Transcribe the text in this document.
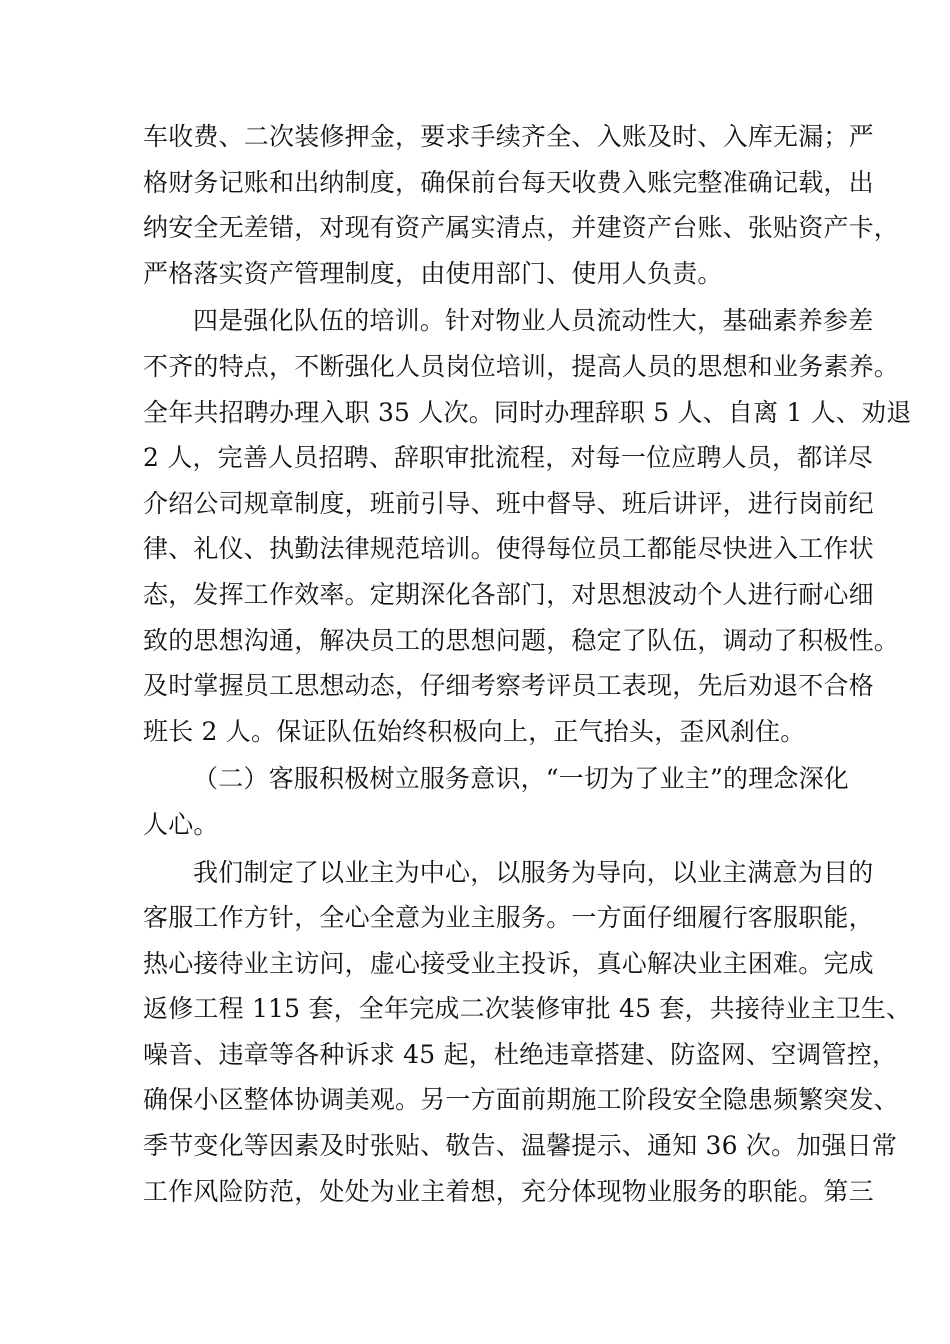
车收费、二次装修押金，要求手续齐全、入账及时、入库无漏；严
格财务记账和出纳制度，确保前台每天收费入账完整准确记载，出
纳安全无差错，对现有资产属实清点，并建资产台账、张贴资产卡，
严格落实资产管理制度，由使用部门、使用人负责。
四是强化队伍的培训。针对物业人员流动性大，基础素养参差
不齐的特点，不断强化人员岗位培训，提高人员的思想和业务素养。
全年共招聘办理入职 35 人次。同时办理辞职 5 人、自离 1 人、劝退
2 人，完善人员招聘、辞职审批流程，对每一位应聘人员，都详尽
介绍公司规章制度，班前引导、班中督导、班后讲评，进行岗前纪
律、礼仪、执勤法律规范培训。使得每位员工都能尽快进入工作状
态，发挥工作效率。定期深化各部门，对思想波动个人进行耐心细
致的思想沟通，解决员工的思想问题，稳定了队伍，调动了积极性。
及时掌握员工思想动态，仔细考察考评员工表现，先后劝退不合格
班长 2 人。保证队伍始终积极向上，正气抬头，歪风刹住。
（二）客服积极树立服务意识，“一切为了业主”的理念深化
人心。
我们制定了以业主为中心，以服务为导向，以业主满意为目的
客服工作方针，全心全意为业主服务。一方面仔细履行客服职能，
热心接待业主访问，虚心接受业主投诉，真心解决业主困难。完成
返修工程 115 套，全年完成二次装修审批 45 套，共接待业主卫生、
噪音、违章等各种诉求 45 起，杜绝违章搭建、防盗网、空调管控，
确保小区整体协调美观。另一方面前期施工阶段安全隐患频繁突发、
季节变化等因素及时张贴、敬告、温馨提示、通知 36 次。加强日常
工作风险防范，处处为业主着想，充分体现物业服务的职能。第三
